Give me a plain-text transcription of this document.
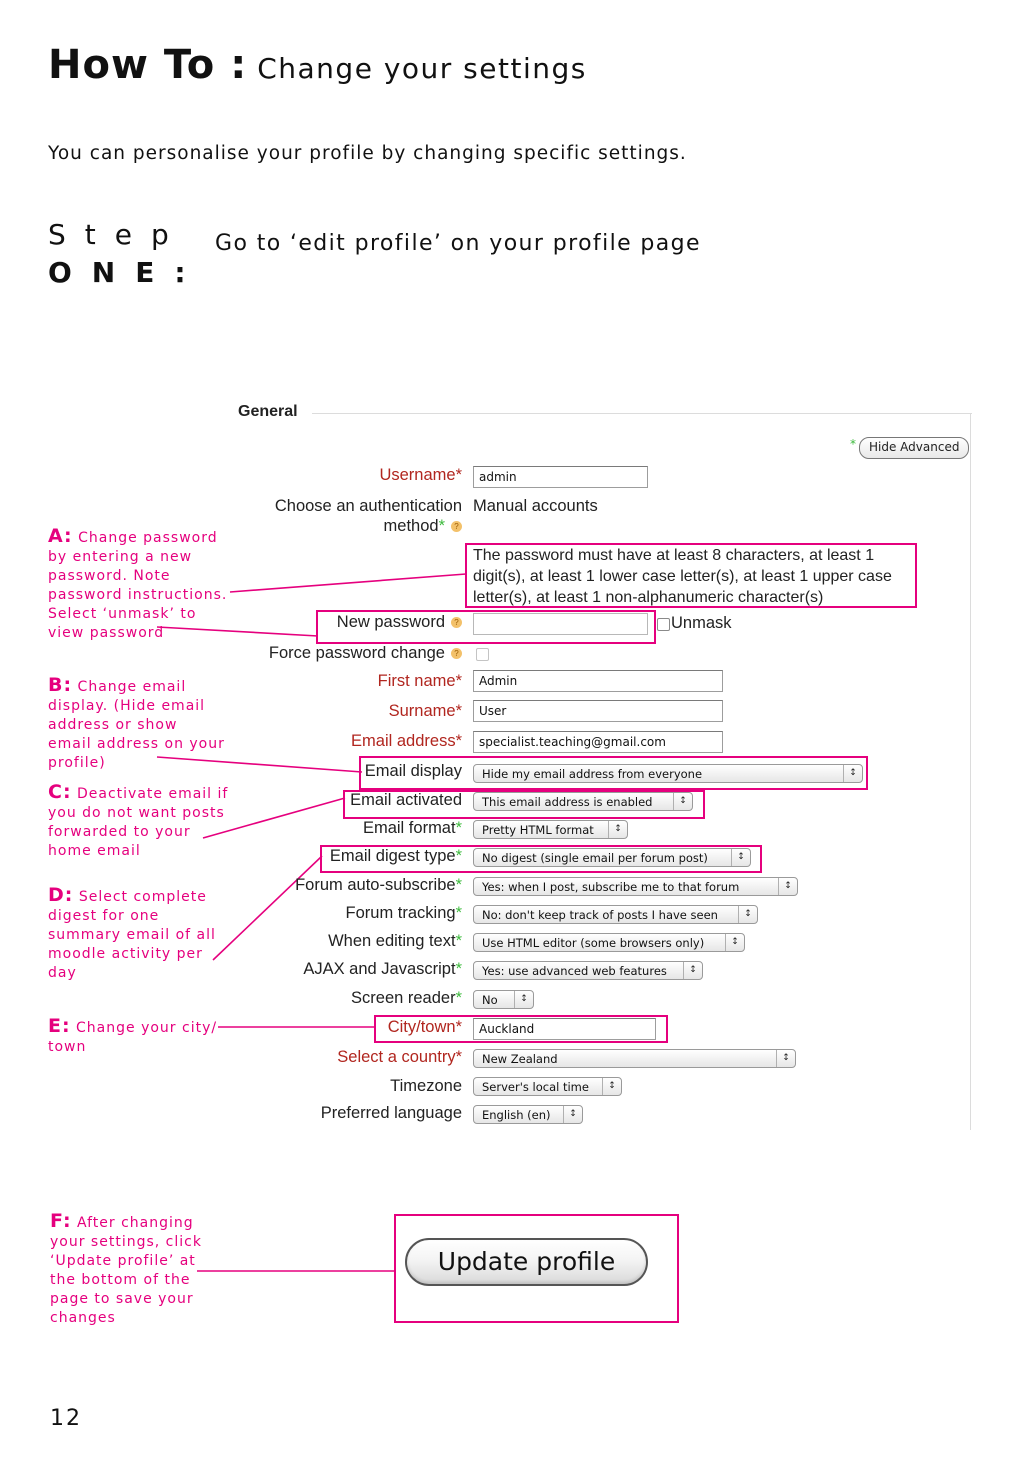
How To : Change your settings
You can personalise your profile by changing specific settings.
Step
ONE:
Go to ‘edit profile’ on your profile page
A: Change password by entering a new password. Note password instructions. Select ‘unmask’ to view password
B: Change email display. (Hide email address or show email address on your profile)
C: Deactivate email if you do not want posts forwarded to your home email
D: Select complete digest for one summary email of all moodle activity per day
E: Change your city/ town
F: After changing your settings, click ‘Update profile’ at the bottom of the page to save your changes
General
*	Hide Advanced
Username*	admin
Choose an authentication
method* ?
Manual accounts
The password must have at least 8 characters, at least 1 digit(s), at least 1 lower case letter(s), at least 1 upper case letter(s), at least 1 non-alphanumeric character(s)
New password ?	Unmask
Force password change ?
First name*	Admin
Surname*	User
Email address*	specialist.teaching@gmail.com
Email display	Hide my email address from everyone	↕
Email activated	This email address is enabled	↕
Email format*	Pretty HTML format	↕
Email digest type*	No digest (single email per forum post)	↕
Forum auto-subscribe*	Yes: when I post, subscribe me to that forum	↕
Forum tracking*	No: don't keep track of posts I have seen	↕
When editing text*	Use HTML editor (some browsers only)	↕
AJAX and Javascript*	Yes: use advanced web features	↕
Screen reader*	No	↕
City/town*	Auckland
Select a country*	New Zealand	↕
Timezone	Server's local time	↕
Preferred language	English (en)	↕
Update profile
12
